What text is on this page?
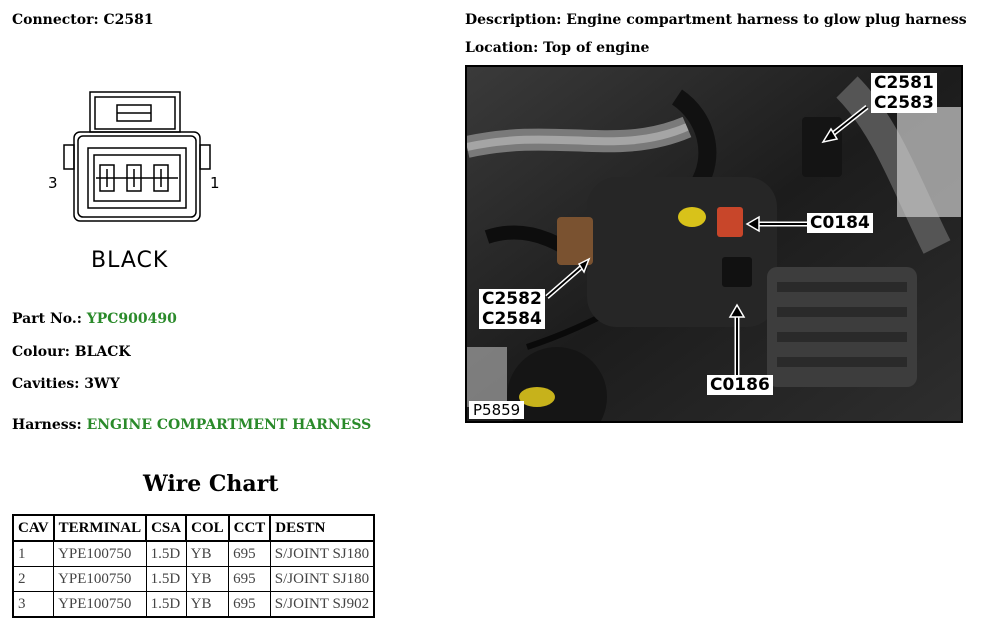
Connector: C2581
3	1
BLACK
Part No.: YPC900490
Colour: BLACK
Cavities: 3WY
Harness: ENGINE COMPARTMENT HARNESS
Description: Engine compartment harness to glow plug harness
Location: Top of engine
C2581
C2583
C0184
C2582
C2584
C0186
P5859
Wire Chart
CAV	TERMINAL	CSA	COL	CCT	DESTN
1	YPE100750	1.5D	YB	695	S/JOINT SJ180
2	YPE100750	1.5D	YB	695	S/JOINT SJ180
3	YPE100750	1.5D	YB	695	S/JOINT SJ902
